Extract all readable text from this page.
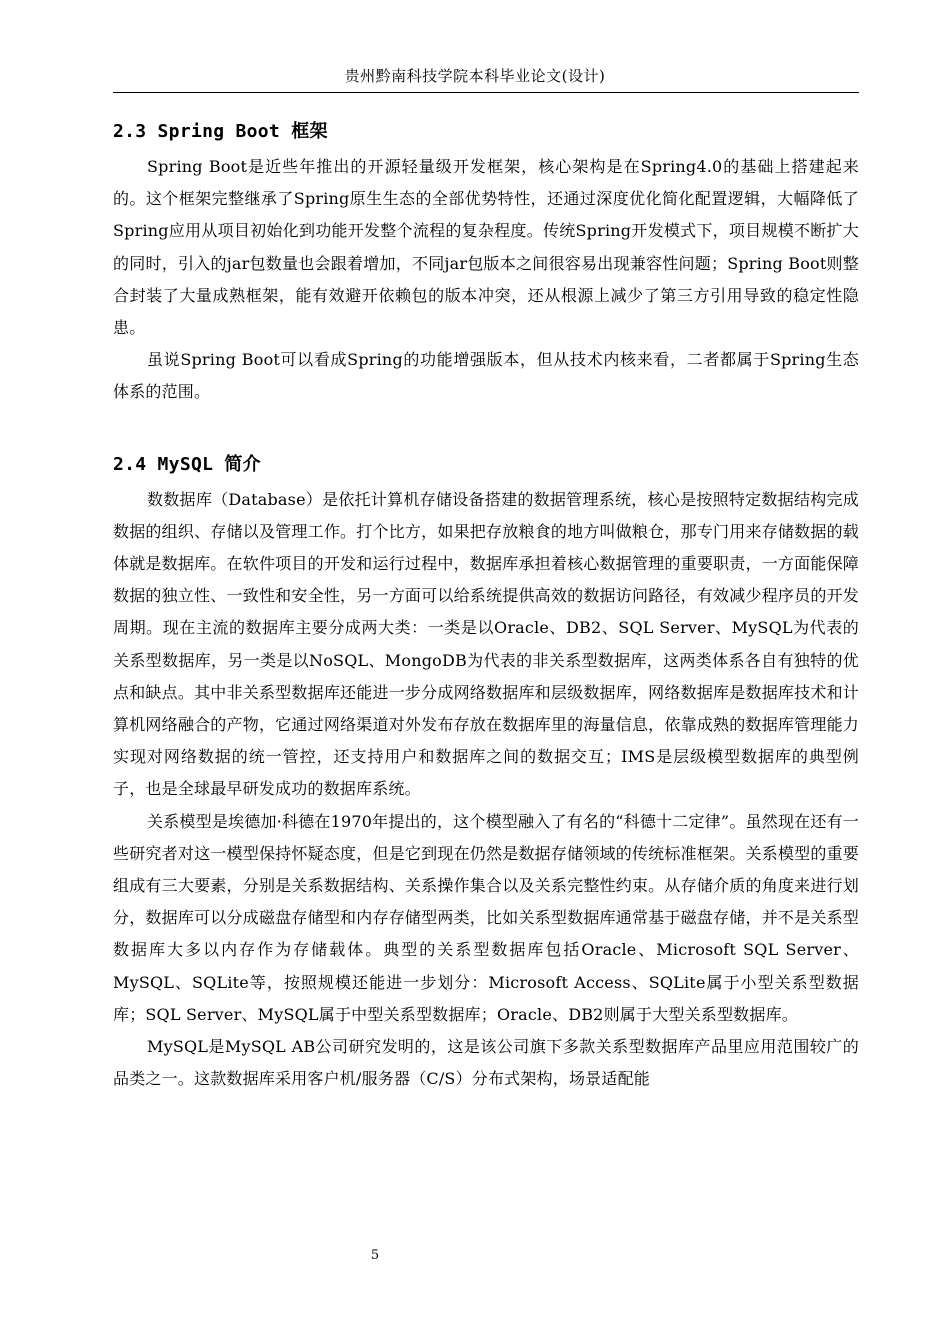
贵州黔南科技学院本科毕业论文(设计)
2.3 Spring Boot 框架

Spring Boot是近些年推出的开源轻量级开发框架，核心架构是在Spring4.0的基础上搭建起来的。这个框架完整继承了Spring原生生态的全部优势特性，还通过深度优化简化配置逻辑，大幅降低了Spring应用从项目初始化到功能开发整个流程的复杂程度。传统Spring开发模式下，项目规模不断扩大的同时，引入的jar包数量也会跟着增加，不同jar包版本之间很容易出现兼容性问题；Spring Boot则整合封装了大量成熟框架，能有效避开依赖包的版本冲突，还从根源上减少了第三方引用导致的稳定性隐患。

虽说Spring Boot可以看成Spring的功能增强版本，但从技术内核来看，二者都属于Spring生态体系的范围。

2.4 MySQL 简介

数数据库（Database）是依托计算机存储设备搭建的数据管理系统，核心是按照特定数据结构完成数据的组织、存储以及管理工作。打个比方，如果把存放粮食的地方叫做粮仓，那专门用来存储数据的载体就是数据库。在软件项目的开发和运行过程中，数据库承担着核心数据管理的重要职责，一方面能保障数据的独立性、一致性和安全性，另一方面可以给系统提供高效的数据访问路径，有效减少程序员的开发周期。现在主流的数据库主要分成两大类：一类是以Oracle、DB2、SQL Server、MySQL为代表的关系型数据库，另一类是以NoSQL、MongoDB为代表的非关系型数据库，这两类体系各自有独特的优点和缺点。其中非关系型数据库还能进一步分成网络数据库和层级数据库，网络数据库是数据库技术和计算机网络融合的产物，它通过网络渠道对外发布存放在数据库里的海量信息，依靠成熟的数据库管理能力实现对网络数据的统一管控，还支持用户和数据库之间的数据交互；IMS是层级模型数据库的典型例子，也是全球最早研发成功的数据库系统。

关系模型是埃德加·科德在1970年提出的，这个模型融入了有名的“科德十二定律”。虽然现在还有一些研究者对这一模型保持怀疑态度，但是它到现在仍然是数据存储领域的传统标准框架。关系模型的重要组成有三大要素，分别是关系数据结构、关系操作集合以及关系完整性约束。从存储介质的角度来进行划分，数据库可以分成磁盘存储型和内存存储型两类，比如关系型数据库通常基于磁盘存储，并不是关系型数据库大多以内存作为存储载体。典型的关系型数据库包括Oracle、Microsoft SQL Server、MySQL、SQLite等，按照规模还能进一步划分：Microsoft Access、SQLite属于小型关系型数据库；SQL Server、MySQL属于中型关系型数据库；Oracle、DB2则属于大型关系型数据库。

MySQL是MySQL AB公司研究发明的，这是该公司旗下多款关系型数据库产品里应用范围较广的品类之一。这款数据库采用客户机/服务器（C/S）分布式架构，场景适配能

5
